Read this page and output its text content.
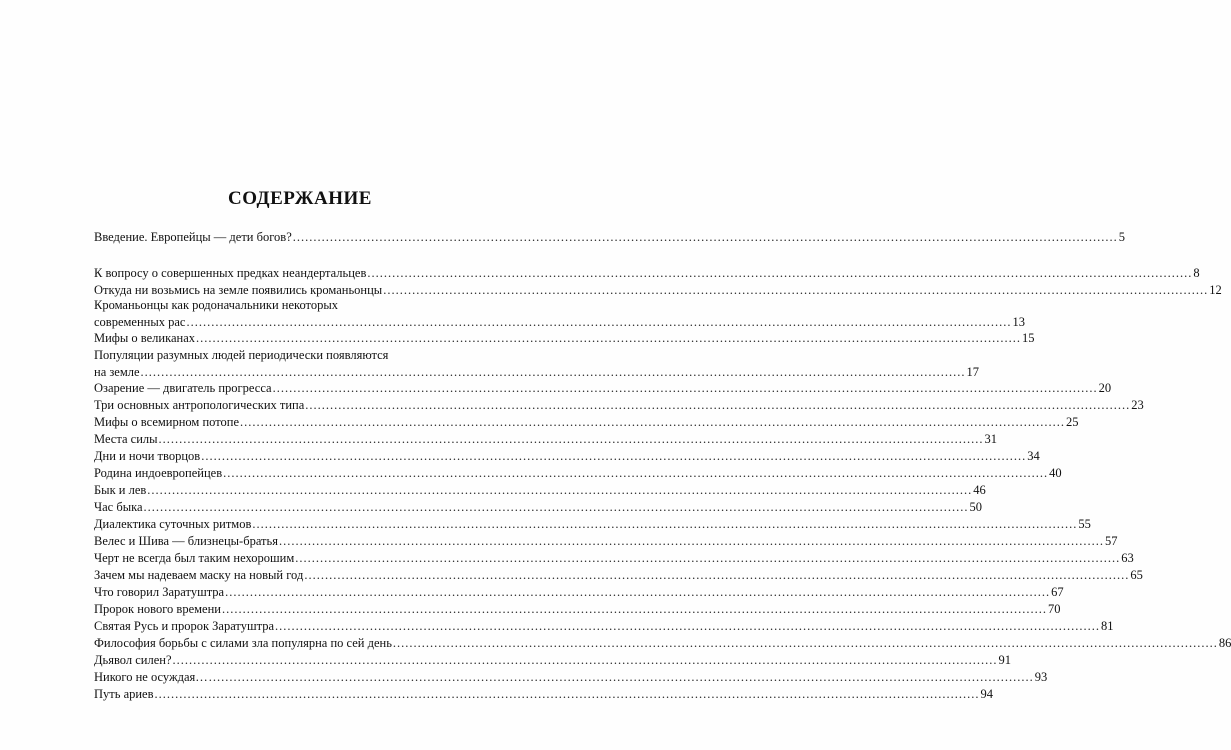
СОДЕРЖАНИЕ
Введение. Европейцы — дети богов? ........................................................................................................................................................................................................ 5
К вопросу о совершенных предках неандертальцев ........................................................................................................................................................................................................ 8
Откуда ни возьмись на земле появились кроманьонцы ........................................................................................................................................................................................................ 12
Кроманьонцы как родоначальники некоторых
современных рас ........................................................................................................................................................................................................ 13
Мифы о великанах ........................................................................................................................................................................................................ 15
Популяции разумных людей периодически появляются
на земле ........................................................................................................................................................................................................ 17
Озарение — двигатель прогресса ........................................................................................................................................................................................................ 20
Три основных антропологических типа ........................................................................................................................................................................................................ 23
Мифы о всемирном потопе ........................................................................................................................................................................................................ 25
Места силы ........................................................................................................................................................................................................ 31
Дни и ночи творцов ........................................................................................................................................................................................................ 34
Родина индоевропейцев ........................................................................................................................................................................................................ 40
Бык и лев ........................................................................................................................................................................................................ 46
Час быка ........................................................................................................................................................................................................ 50
Диалектика суточных ритмов ........................................................................................................................................................................................................ 55
Велес и Шива — близнецы-братья ........................................................................................................................................................................................................ 57
Черт не всегда был таким нехорошим ........................................................................................................................................................................................................ 63
Зачем мы надеваем маску на новый год ........................................................................................................................................................................................................ 65
Что говорил Заратуштра ........................................................................................................................................................................................................ 67
Пророк нового времени ........................................................................................................................................................................................................ 70
Святая Русь и пророк Заратуштра ........................................................................................................................................................................................................ 81
Философия борьбы с силами зла популярна по сей день ........................................................................................................................................................................................................ 86
Дьявол силен? ........................................................................................................................................................................................................ 91
Никого не осуждая… ........................................................................................................................................................................................................ 93
Путь ариев ........................................................................................................................................................................................................ 94
